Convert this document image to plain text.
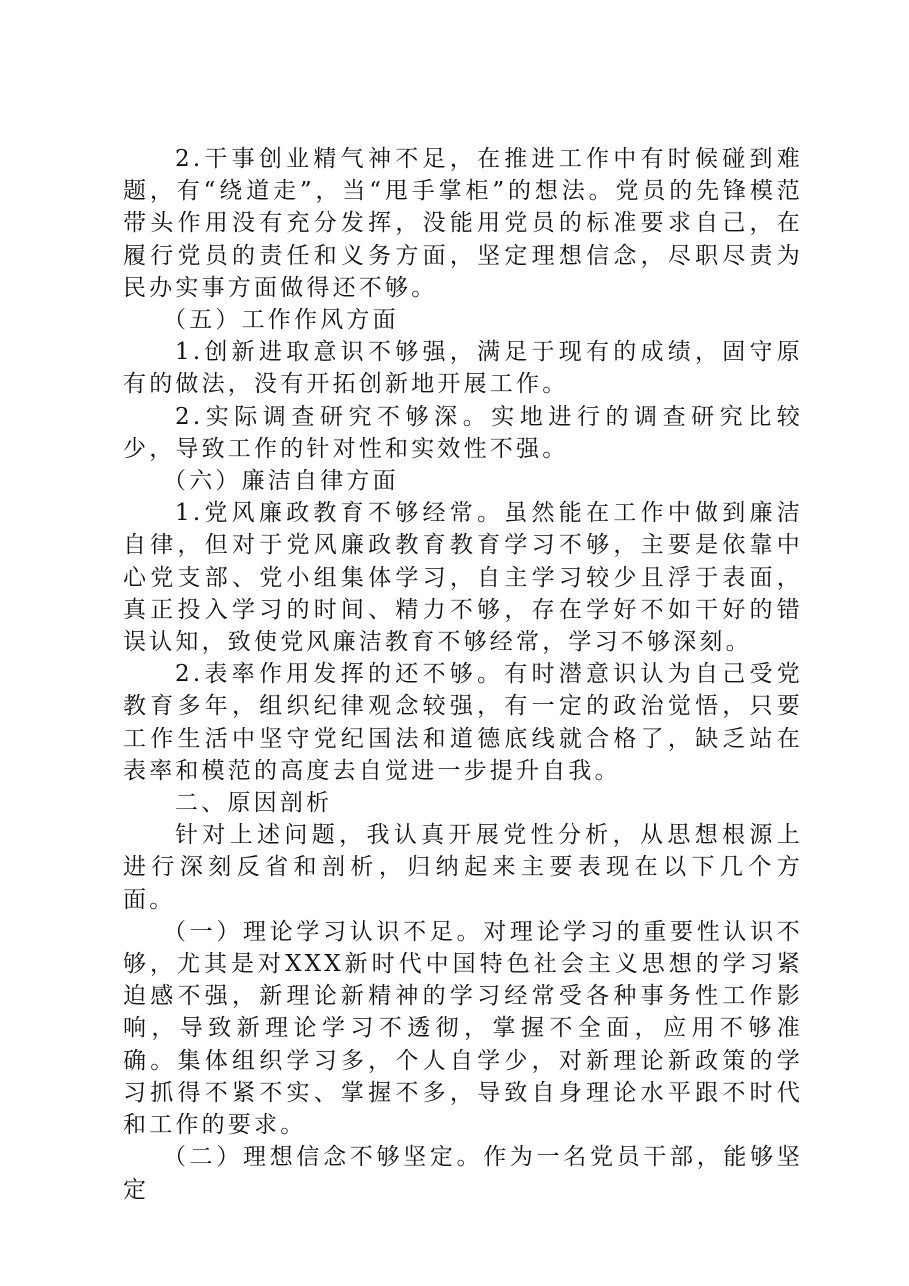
2.干事创业精气神不足，在推进工作中有时候碰到难题，有“绕道走”，当“甩手掌柜”的想法。党员的先锋模范带头作用没有充分发挥，没能用党员的标准要求自己，在履行党员的责任和义务方面，坚定理想信念，尽职尽责为民办实事方面做得还不够。

（五）工作作风方面

1.创新进取意识不够强，满足于现有的成绩，固守原有的做法，没有开拓创新地开展工作。

2.实际调查研究不够深。实地进行的调查研究比较少，导致工作的针对性和实效性不强。

（六）廉洁自律方面

1.党风廉政教育不够经常。虽然能在工作中做到廉洁自律，但对于党风廉政教育教育学习不够，主要是依靠中心党支部、党小组集体学习，自主学习较少且浮于表面，真正投入学习的时间、精力不够，存在学好不如干好的错误认知，致使党风廉洁教育不够经常，学习不够深刻。

2.表率作用发挥的还不够。有时潜意识认为自己受党教育多年，组织纪律观念较强，有一定的政治觉悟，只要工作生活中坚守党纪国法和道德底线就合格了，缺乏站在表率和模范的高度去自觉进一步提升自我。

二、原因剖析

针对上述问题，我认真开展党性分析，从思想根源上进行深刻反省和剖析，归纳起来主要表现在以下几个方面。

（一）理论学习认识不足。对理论学习的重要性认识不够，尤其是对XXX新时代中国特色社会主义思想的学习紧迫感不强，新理论新精神的学习经常受各种事务性工作影响，导致新理论学习不透彻，掌握不全面，应用不够准确。集体组织学习多，个人自学少，对新理论新政策的学习抓得不紧不实、掌握不多，导致自身理论水平跟不时代和工作的要求。

（二）理想信念不够坚定。作为一名党员干部，能够坚定
